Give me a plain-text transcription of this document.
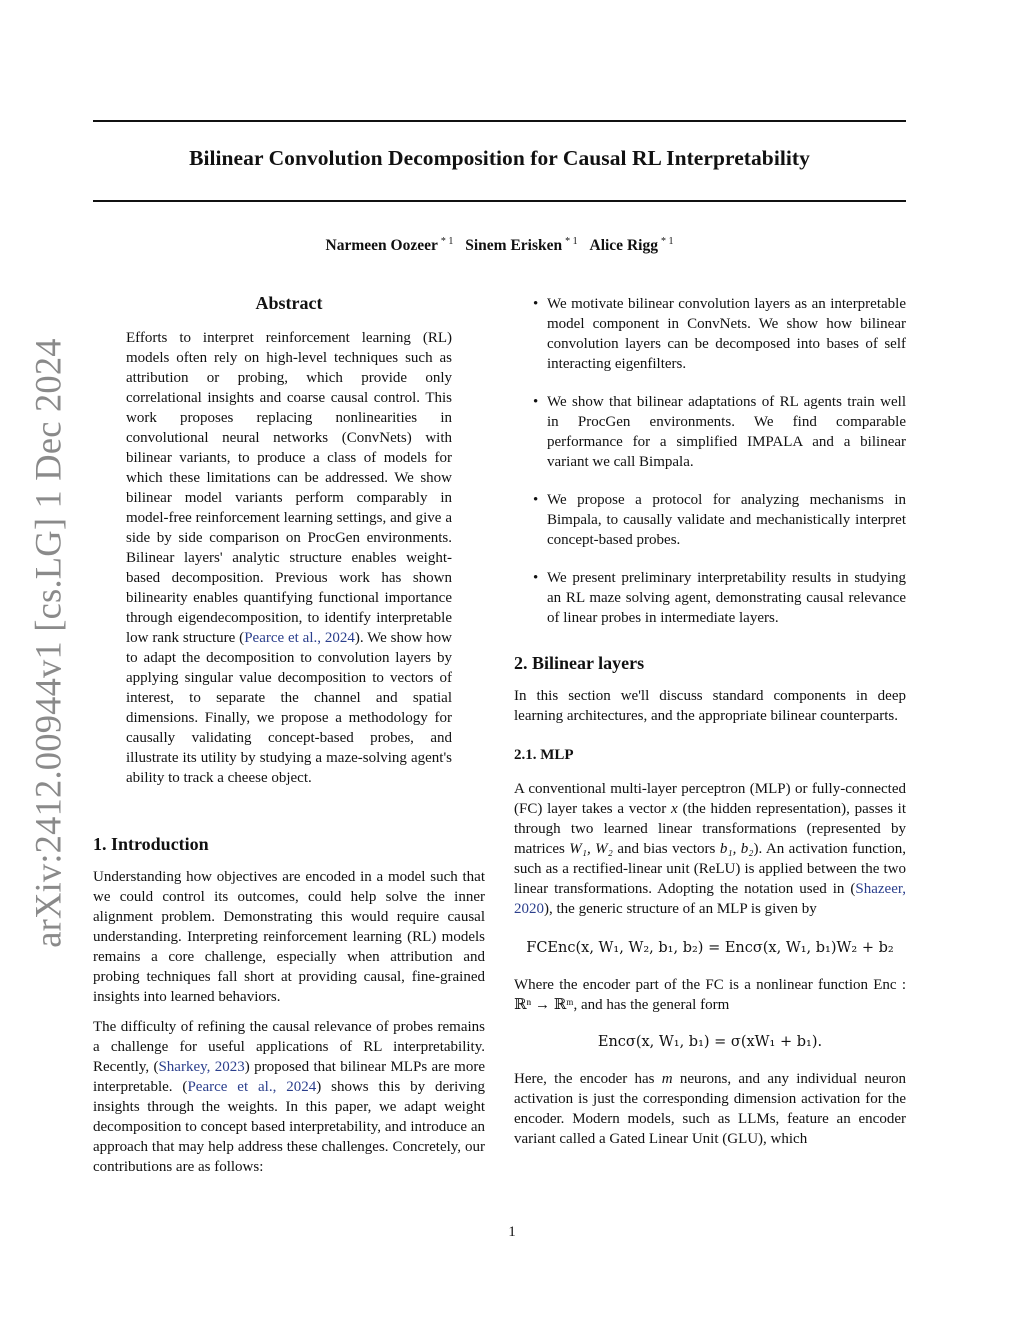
Bilinear Convolution Decomposition for Causal RL Interpretability
Narmeen Oozeer $^{* 1}$ Sinem Erisken $^{* 1}$ Alice Rigg $^{* 1}$
arXiv:2412.00944v1 [cs.LG] 1 Dec 2024
Abstract

Efforts to interpret reinforcement learning (RL) models often rely on high-level techniques such as attribution or probing, which provide only correlational insights and coarse causal control. This work proposes replacing nonlinearities in convolutional neural networks (ConvNets) with bilinear variants, to produce a class of models for which these limitations can be addressed. We show bilinear model variants perform comparably in model-free reinforcement learning settings, and give a side by side comparison on ProcGen environments. Bilinear layers' analytic structure enables weight-based decomposition. Previous work has shown bilinearity enables quantifying functional importance through eigendecomposition, to identify interpretable low rank structure (Pearce et al., 2024). We show how to adapt the decomposition to convolution layers by applying singular value decomposition to vectors of interest, to separate the channel and spatial dimensions. Finally, we propose a methodology for causally validating concept-based probes, and illustrate its utility by studying a maze-solving agent's ability to track a cheese object.

1. Introduction

Understanding how objectives are encoded in a model such that we could control its outcomes, could help solve the inner alignment problem. Demonstrating this would require causal understanding. Interpreting reinforcement learning (RL) models remains a core challenge, especially when attribution and probing techniques fall short at providing causal, fine-grained insights into learned behaviors.

The difficulty of refining the causal relevance of probes remains a challenge for useful applications of RL interpretability. Recently, (Sharkey, 2023) proposed that bilinear MLPs are more interpretable. (Pearce et al., 2024) shows this by deriving insights through the weights. In this paper, we adapt weight decomposition to concept based interpretability, and introduce an approach that may help address these challenges. Concretely, our contributions are as follows:

• We motivate bilinear convolution layers as an interpretable model component in ConvNets. We show how bilinear convolution layers can be decomposed into bases of self interacting eigenfilters.
• We show that bilinear adaptations of RL agents train well in ProcGen environments. We find comparable performance for a simplified IMPALA and a bilinear variant we call Bimpala.
• We propose a protocol for analyzing mechanisms in Bimpala, to causally validate and mechanistically interpret concept-based probes.
• We present preliminary interpretability results in studying an RL maze solving agent, demonstrating causal relevance of linear probes in intermediate layers.
2. Bilinear layers

In this section we'll discuss standard components in deep learning architectures, and the appropriate bilinear counterparts.

2.1. MLP

A conventional multi-layer perceptron (MLP) or fully-connected (FC) layer takes a vector x (the hidden representation), passes it through two learned linear transformations (represented by matrices W₁, W₂ and bias vectors b₁, b₂). An activation function, such as a rectified-linear unit (ReLU) is applied between the two linear transformations. Adopting the notation used in (Shazeer, 2020), the generic structure of an MLP is given by

FCEnc(x, W₁, W₂, b₁, b₂) = Encσ(x, W₁, b₁)W₂ + b₂

Where the encoder part of the FC is a nonlinear function Enc : ℝⁿ → ℝᵐ, and has the general form

Encσ(x, W₁, b₁) = σ(xW₁ + b₁).

Here, the encoder has m neurons, and any individual neuron activation is just the corresponding dimension activation for the encoder. Modern models, such as LLMs, feature an encoder variant called a Gated Linear Unit (GLU), which

1
